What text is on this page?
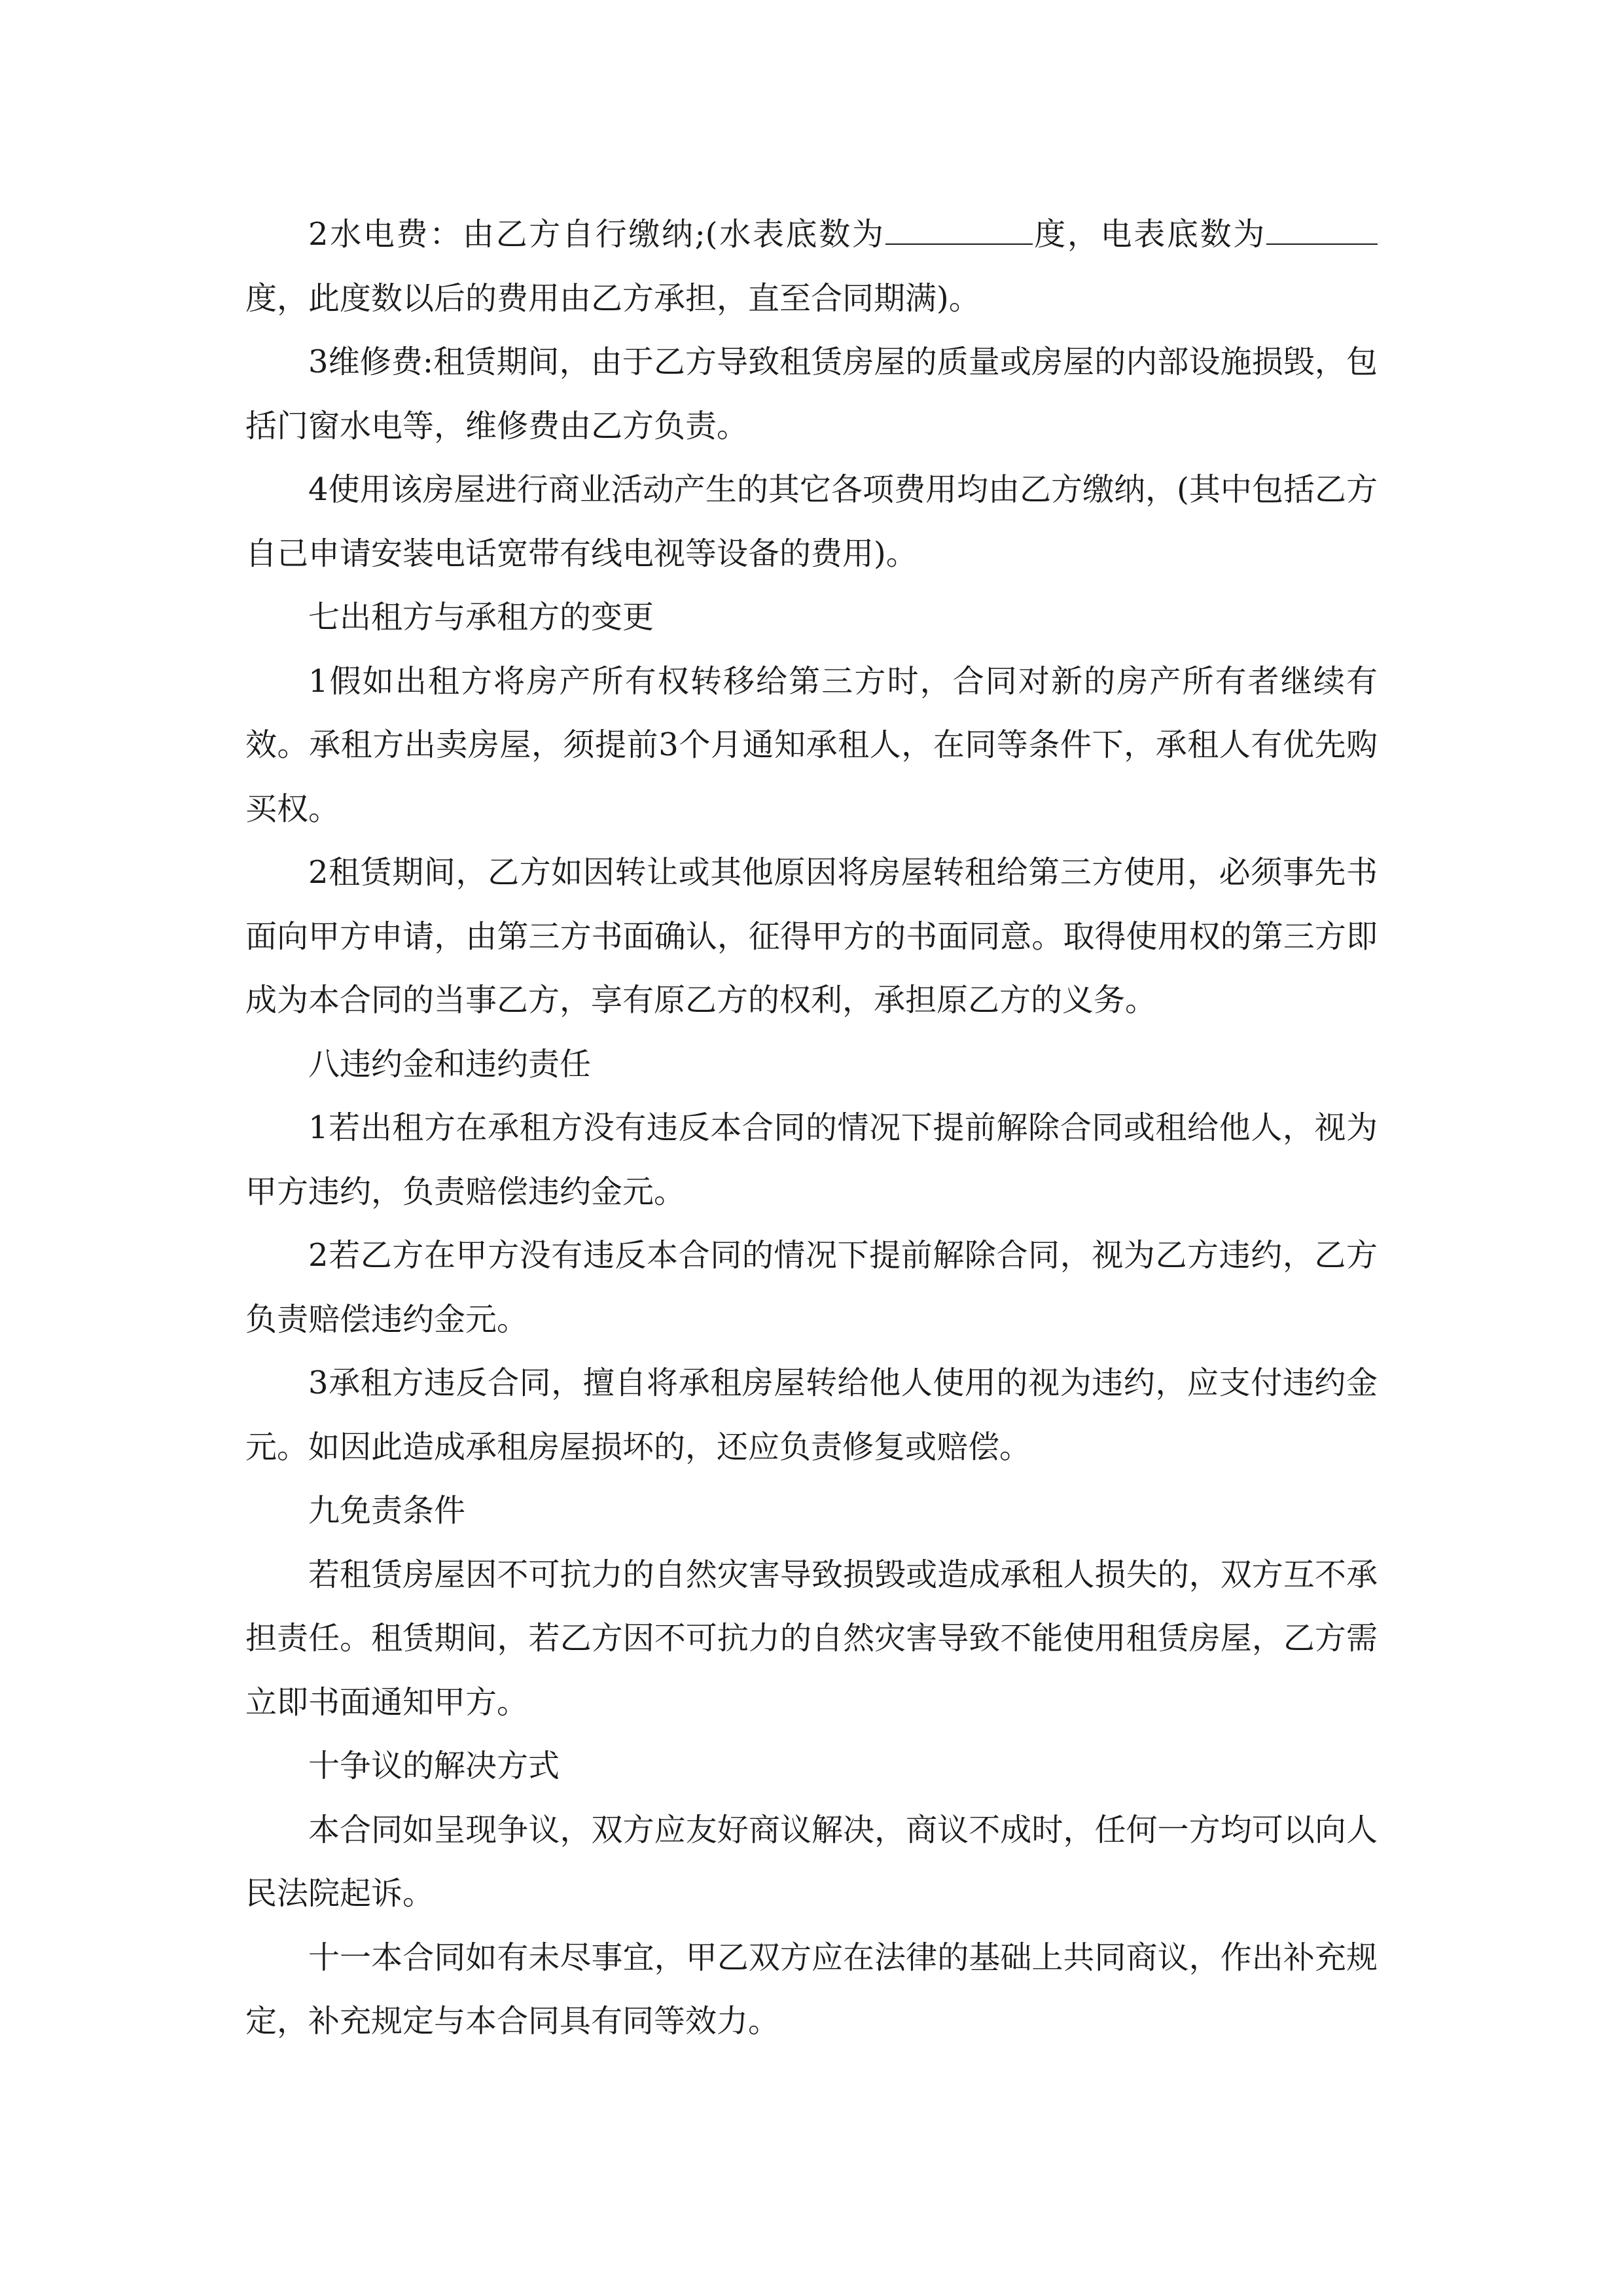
2水电费：由乙方自行缴纳;(水表底数为	度，电表底数为度，此度数以后的费用由乙方承担，直至合同期满)。

3维修费:租赁期间，由于乙方导致租赁房屋的质量或房屋的内部设施损毁，包括门窗水电等，维修费由乙方负责。

4使用该房屋进行商业活动产生的其它各项费用均由乙方缴纳，(其中包括乙方自己申请安装电话宽带有线电视等设备的费用)。

七出租方与承租方的变更

1假如出租方将房产所有权转移给第三方时，合同对新的房产所有者继续有效。承租方出卖房屋，须提前3个月通知承租人，在同等条件下，承租人有优先购买权。

2租赁期间，乙方如因转让或其他原因将房屋转租给第三方使用，必须事先书面向甲方申请，由第三方书面确认，征得甲方的书面同意。取得使用权的第三方即成为本合同的当事乙方，享有原乙方的权利，承担原乙方的义务。

八违约金和违约责任

1若出租方在承租方没有违反本合同的情况下提前解除合同或租给他人，视为甲方违约，负责赔偿违约金元。

2若乙方在甲方没有违反本合同的情况下提前解除合同，视为乙方违约，乙方负责赔偿违约金元。

3承租方违反合同，擅自将承租房屋转给他人使用的视为违约，应支付违约金元。如因此造成承租房屋损坏的，还应负责修复或赔偿。

九免责条件

若租赁房屋因不可抗力的自然灾害导致损毁或造成承租人损失的，双方互不承担责任。租赁期间，若乙方因不可抗力的自然灾害导致不能使用租赁房屋，乙方需立即书面通知甲方。

十争议的解决方式

本合同如呈现争议，双方应友好商议解决，商议不成时，任何一方均可以向人民法院起诉。

十一本合同如有未尽事宜，甲乙双方应在法律的基础上共同商议，作出补充规定，补充规定与本合同具有同等效力。
